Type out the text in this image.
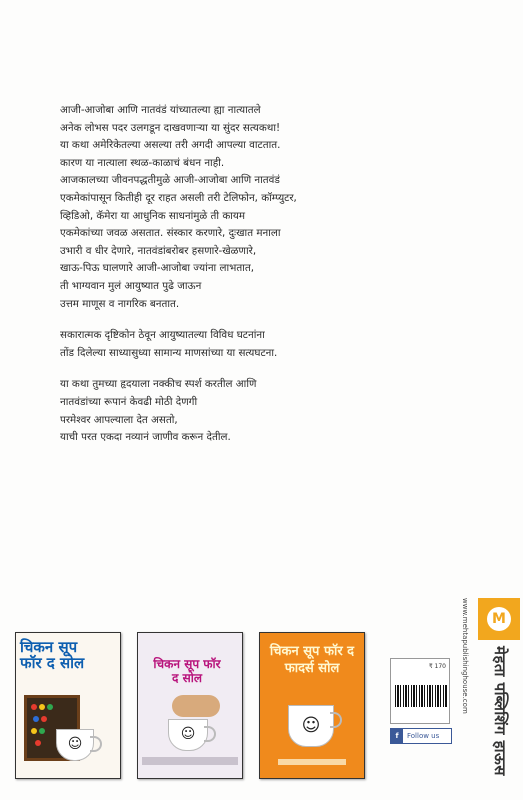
आजी-आजोबा आणि नातवंडं यांच्यातल्या ह्या नात्यातले
अनेक लोभस पदर उलगडून दाखवणाऱ्या या सुंदर सत्यकथा!
या कथा अमेरिकेतल्या असल्या तरी अगदी आपल्या वाटतात.
कारण या नात्याला स्थळ-काळाचं बंधन नाही.
आजकालच्या जीवनपद्धतीमुळे आजी-आजोबा आणि नातवंडं
एकमेकांपासून कितीही दूर राहत असली तरी टेलिफोन, कॉम्प्युटर,
व्हिडिओ, कॅमेरा या आधुनिक साधनांमुळे ती कायम
एकमेकांच्या जवळ असतात. संस्कार करणारे, दुःखात मनाला
उभारी व धीर देणारे, नातवंडांबरोबर हसणारे-खेळणारे,
खाऊ-पिऊ घालणारे आजी-आजोबा ज्यांना लाभतात,
ती भाग्यवान मुलं आयुष्यात पुढे जाऊन
उत्तम माणूस व नागरिक बनतात.

सकारात्मक दृष्टिकोन ठेवून आयुष्यातल्या विविध घटनांना
तोंड दिलेल्या साध्यासुध्या सामान्य माणसांच्या या सत्यघटना.

या कथा तुमच्या हृदयाला नक्कीच स्पर्श करतील आणि
नातवंडांच्या रूपानं केवढी मोठी देणगी
परमेश्वर आपल्याला देत असतो,
याची परत एकदा नव्यानं जाणीव करून देतील.

चिकन सूप फॉर द सोल
☺
चिकन सूप फॉर द सोल
☺
चिकन सूप फॉर द फादर्स सोल
☺
₹ 170
f Follow us
www.mehtapublishinghouse.com	M
मेहता पब्लिशिंग हाऊस
